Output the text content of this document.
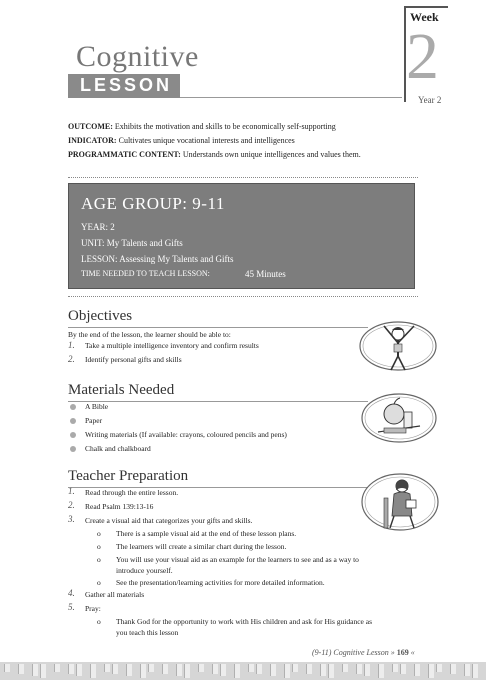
Cognitive
LESSON
Week
2
Year 2
OUTCOME: Exhibits the motivation and skills to be economically self-supporting
INDICATOR: Cultivates unique vocational interests and intelligences
PROGRAMMATIC CONTENT: Understands own unique intelligences and values them.
AGE GROUP: 9-11
YEAR: 2
UNIT: My Talents and Gifts
LESSON: Assessing My Talents and Gifts
TIME NEEDED TO TEACH LESSON:	45 Minutes
Objectives
By the end of the lesson, the learner should be able to:
1. Take a multiple intelligence inventory and confirm results
2. Identify personal gifts and skills
Materials Needed
A Bible
Paper
Writing materials (If available: crayons, coloured pencils and pens)
Chalk and chalkboard
Teacher Preparation
1. Read through the entire lesson.
2. Read Psalm 139:13-16
3. Create a visual aid that categorizes your gifts and skills.
o There is a sample visual aid at the end of these lesson plans.
o The learners will create a similar chart during the lesson.
o You will use your visual aid as an example for the learners to see and as a way to
introduce yourself.
o See the presentation/learning activities for more detailed information.
4. Gather all materials
5. Pray:
o Thank God for the opportunity to work with His children and ask for His guidance as
you teach this lesson
(9-11) Cognitive Lesson » 169 «
